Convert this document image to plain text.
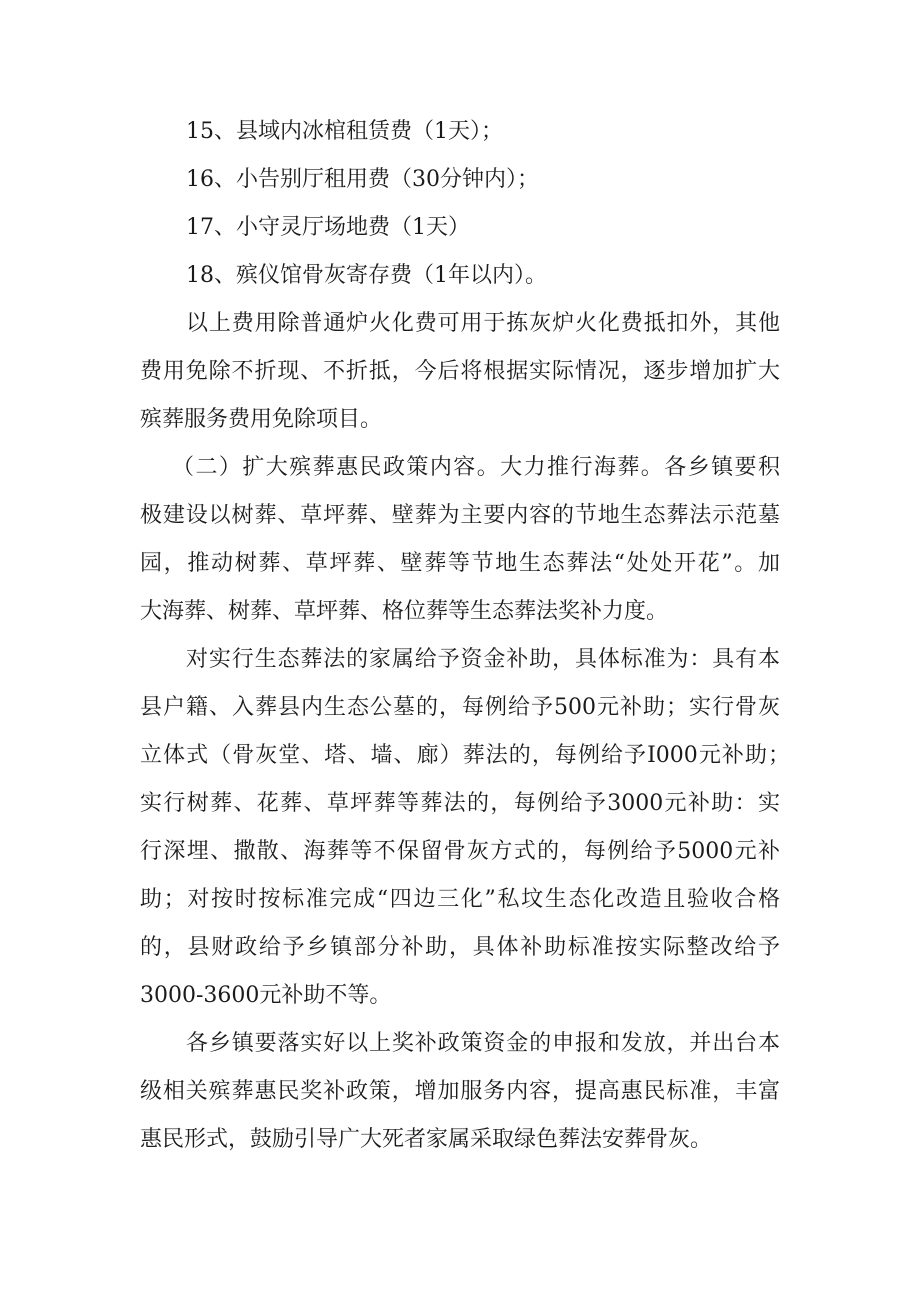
15、县域内冰棺租赁费（1天）；
16、小告别厅租用费（30分钟内）；
17、小守灵厅场地费（1天）
18、殡仪馆骨灰寄存费（1年以内）。
以上费用除普通炉火化费可用于拣灰炉火化费抵扣外，其他
费用免除不折现、不折抵，今后将根据实际情况，逐步增加扩大
殡葬服务费用免除项目。
（二）扩大殡葬惠民政策内容。大力推行海葬。各乡镇要积
极建设以树葬、草坪葬、壁葬为主要内容的节地生态葬法示范墓
园，推动树葬、草坪葬、壁葬等节地生态葬法“处处开花”。加
大海葬、树葬、草坪葬、格位葬等生态葬法奖补力度。
对实行生态葬法的家属给予资金补助，具体标准为：具有本
县户籍、入葬县内生态公墓的，每例给予500元补助；实行骨灰
立体式（骨灰堂、塔、墙、廊）葬法的，每例给予I000元补助；
实行树葬、花葬、草坪葬等葬法的，每例给予3000元补助：实
行深埋、撒散、海葬等不保留骨灰方式的，每例给予5000元补
助；对按时按标准完成“四边三化”私坟生态化改造且验收合格
的，县财政给予乡镇部分补助，具体补助标准按实际整改给予
3000-3600元补助不等。
各乡镇要落实好以上奖补政策资金的申报和发放，并出台本
级相关殡葬惠民奖补政策，增加服务内容，提高惠民标准，丰富
惠民形式，鼓励引导广大死者家属采取绿色葬法安葬骨灰。
